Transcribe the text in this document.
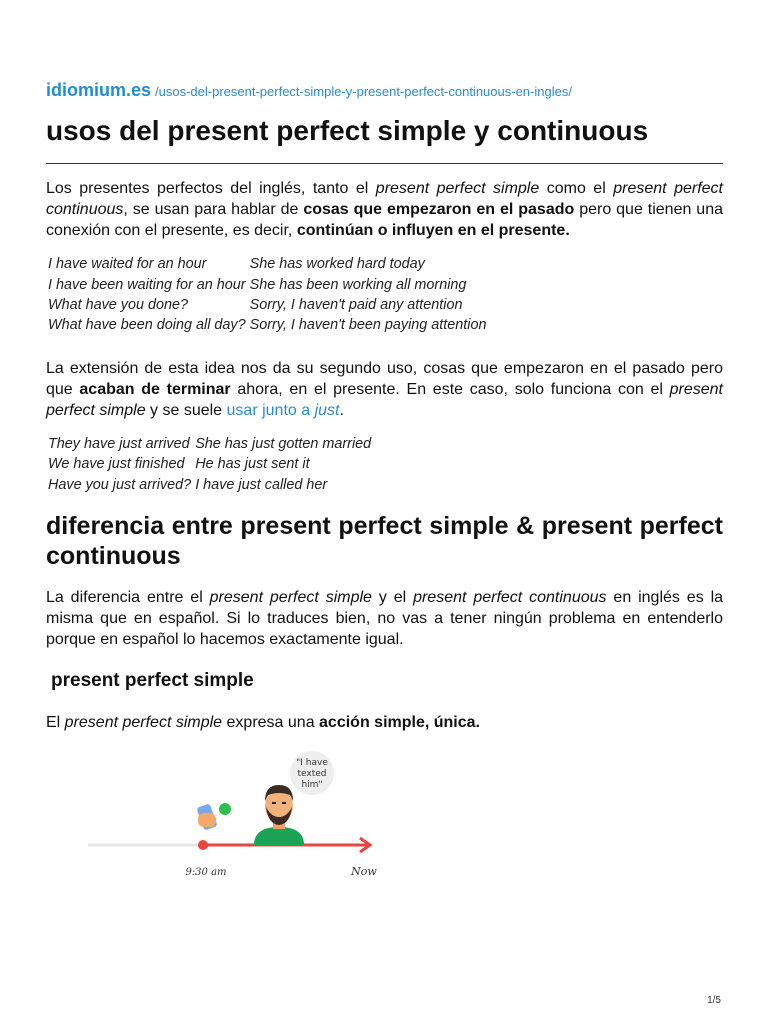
idiomium.es /usos-del-present-perfect-simple-y-present-perfect-continuous-en-ingles/
usos del present perfect simple y continuous

Los presentes perfectos del inglés, tanto el present perfect simple como el present perfect continuous, se usan para hablar de cosas que empezaron en el pasado pero que tienen una conexión con el presente, es decir, continúan o influyen en el presente.

I have waited for an hour	She has worked hard today
I have been waiting for an hour	She has been working all morning
What have you done?	Sorry, I haven't paid any attention
What have been doing all day?	Sorry, I haven't been paying attention

La extensión de esta idea nos da su segundo uso, cosas que empezaron en el pasado pero que acaban de terminar ahora, en el presente. En este caso, solo funciona con el present perfect simple y se suele usar junto a just.

They have just arrived	She has just gotten married
We have just finished	He has just sent it
Have you just arrived?	I have just called her
diferencia entre present perfect simple & present perfect continuous

La diferencia entre el present perfect simple y el present perfect continuous en inglés es la misma que en español. Si lo traduces bien, no vas a tener ningún problema en entenderlo porque en español lo hacemos exactamente igual.

present perfect simple

El present perfect simple expresa una acción simple, única.

"I have
texted
him"
9:30 am	Now
1/5
